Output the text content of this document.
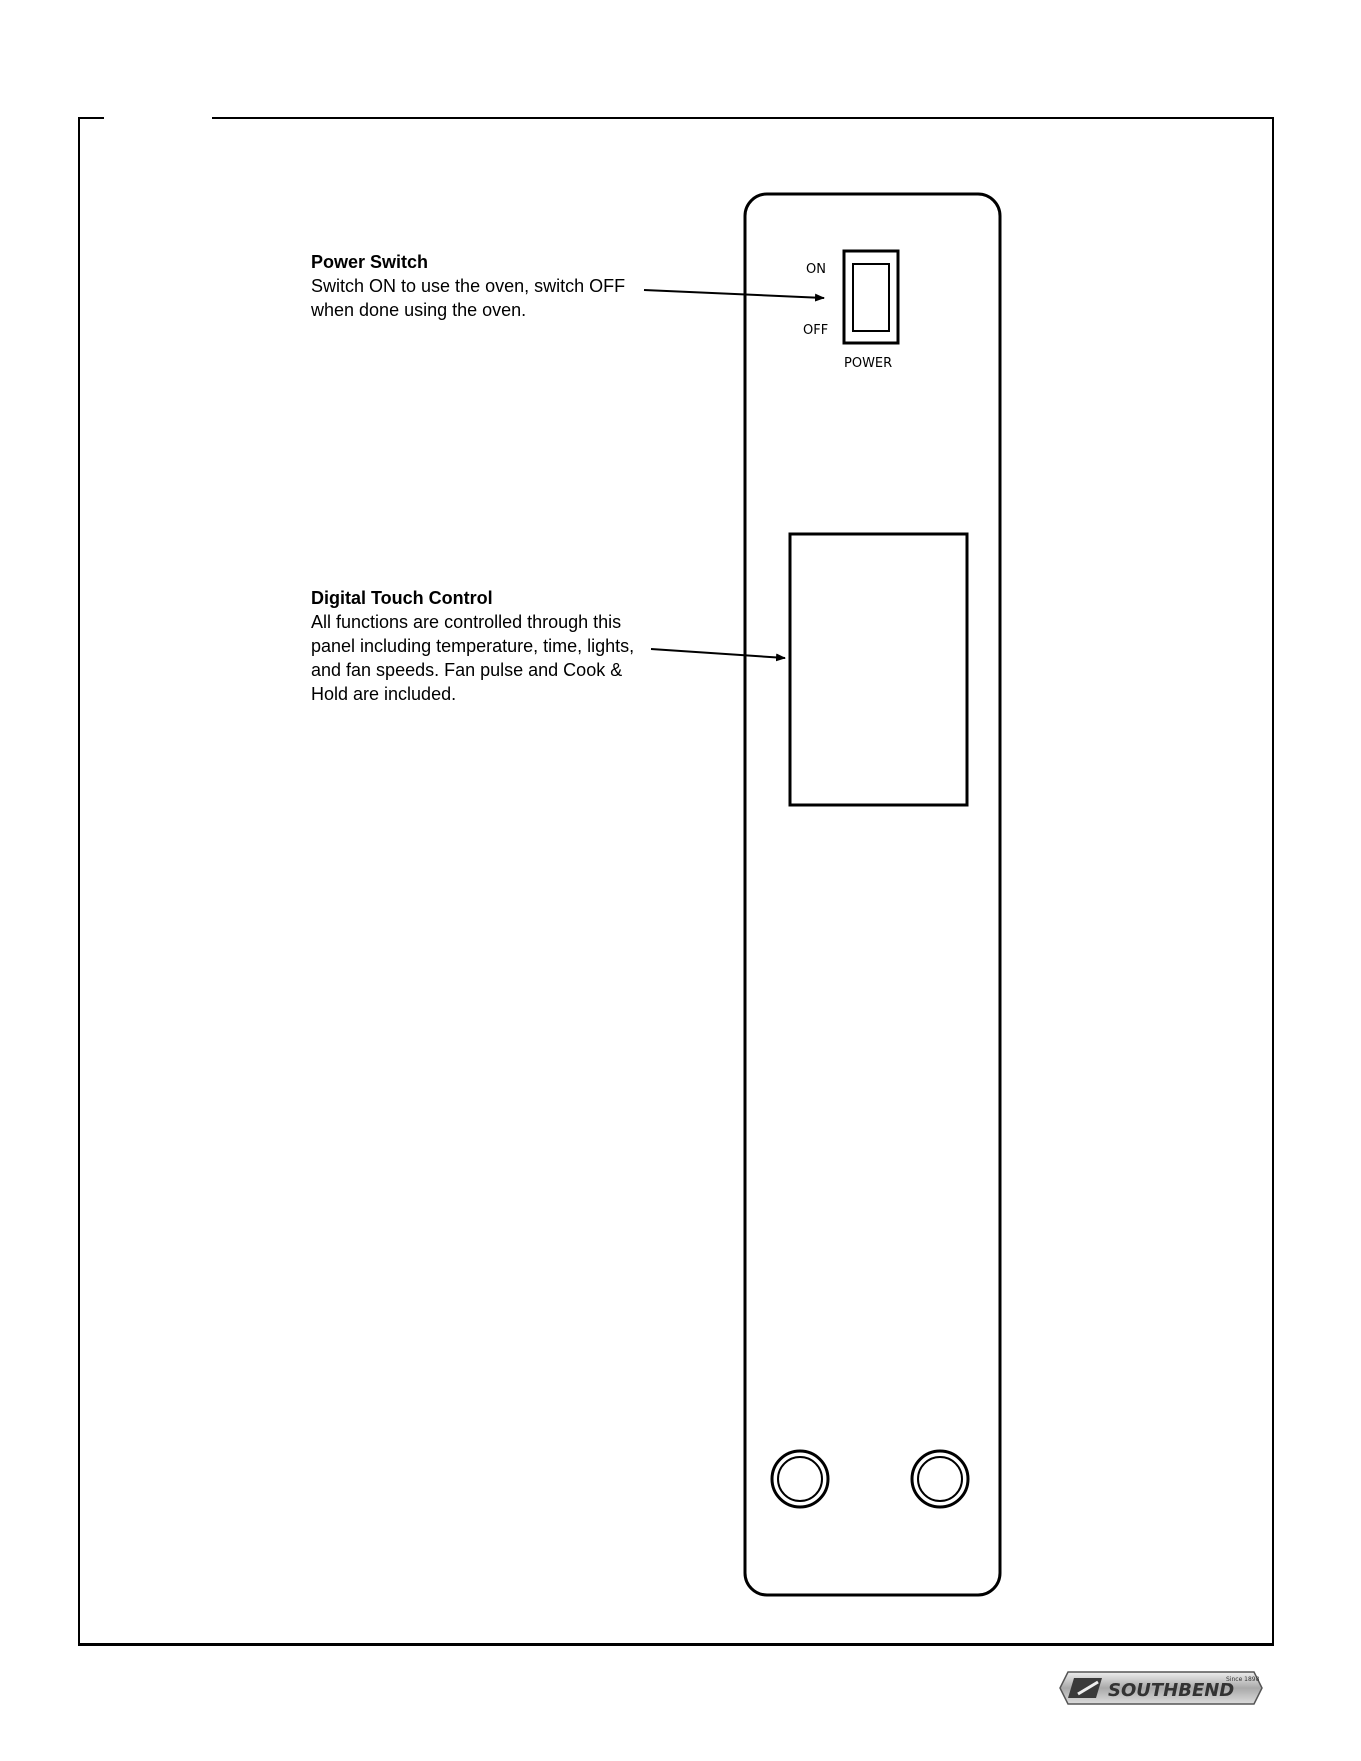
Power Switch
Switch ON to use the oven, switch OFF when done using the oven.
Digital Touch Control
All functions are controlled through this panel including temperature, time, lights, and fan speeds. Fan pulse and Cook & Hold are included.
ON
OFF
POWER
SOUTHBEND
Since 1898
